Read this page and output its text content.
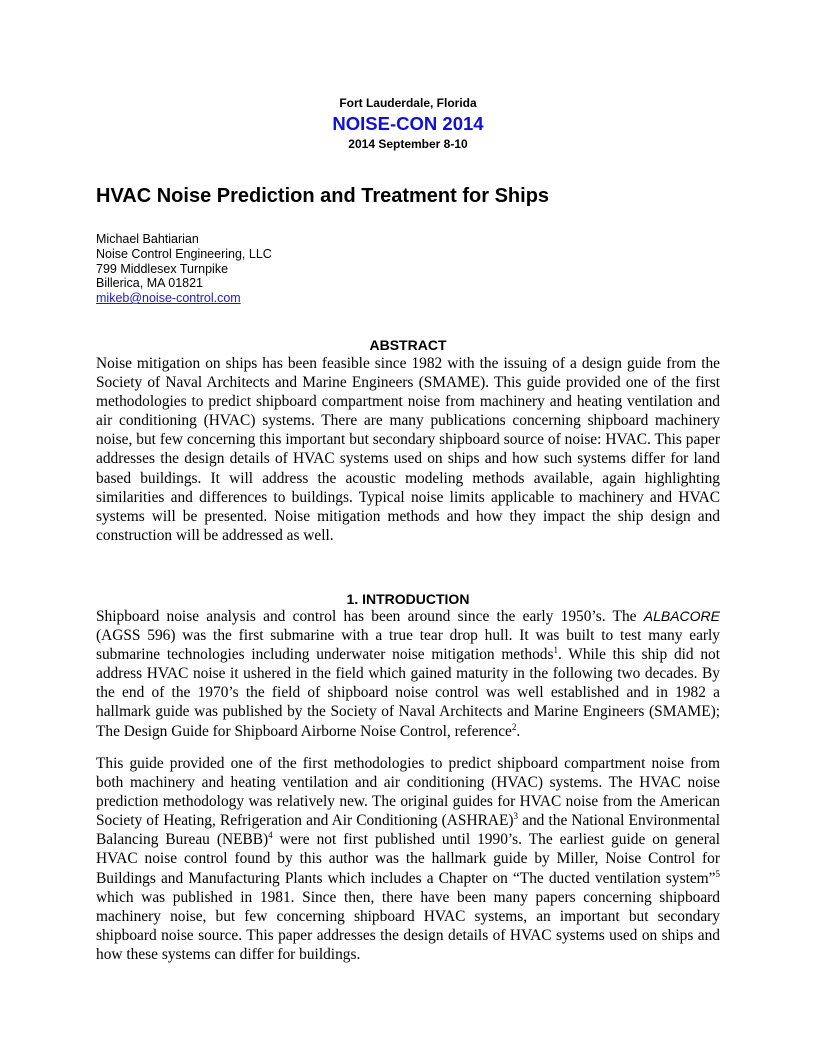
Fort Lauderdale, Florida
NOISE-CON 2014
2014 September 8-10
HVAC Noise Prediction and Treatment for Ships
Michael Bahtiarian
Noise Control Engineering, LLC
799 Middlesex Turnpike
Billerica, MA 01821
mikeb@noise-control.com
ABSTRACT

Noise mitigation on ships has been feasible since 1982 with the issuing of a design guide from the Society of Naval Architects and Marine Engineers (SMAME). This guide provided one of the first methodologies to predict shipboard compartment noise from machinery and heating ventilation and air conditioning (HVAC) systems. There are many publications concerning shipboard machinery noise, but few concerning this important but secondary shipboard source of noise: HVAC. This paper addresses the design details of HVAC systems used on ships and how such systems differ for land based buildings. It will address the acoustic modeling methods available, again highlighting similarities and differences to buildings. Typical noise limits applicable to machinery and HVAC systems will be presented. Noise mitigation methods and how they impact the ship design and construction will be addressed as well.

1. INTRODUCTION

Shipboard noise analysis and control has been around since the early 1950’s. The ALBACORE (AGSS 596) was the first submarine with a true tear drop hull. It was built to test many early submarine technologies including underwater noise mitigation methods$^1$. While this ship did not address HVAC noise it ushered in the field which gained maturity in the following two decades. By the end of the 1970’s the field of shipboard noise control was well established and in 1982 a hallmark guide was published by the Society of Naval Architects and Marine Engineers (SMAME); The Design Guide for Shipboard Airborne Noise Control, reference$^2$.

This guide provided one of the first methodologies to predict shipboard compartment noise from both machinery and heating ventilation and air conditioning (HVAC) systems. The HVAC noise prediction methodology was relatively new. The original guides for HVAC noise from the American Society of Heating, Refrigeration and Air Conditioning (ASHRAE)$^3$ and the National Environmental Balancing Bureau (NEBB)$^4$ were not first published until 1990’s. The earliest guide on general HVAC noise control found by this author was the hallmark guide by Miller, Noise Control for Buildings and Manufacturing Plants which includes a Chapter on “The ducted ventilation system”$^5$ which was published in 1981. Since then, there have been many papers concerning shipboard machinery noise, but few concerning shipboard HVAC systems, an important but secondary shipboard noise source. This paper addresses the design details of HVAC systems used on ships and how these systems can differ for buildings.
